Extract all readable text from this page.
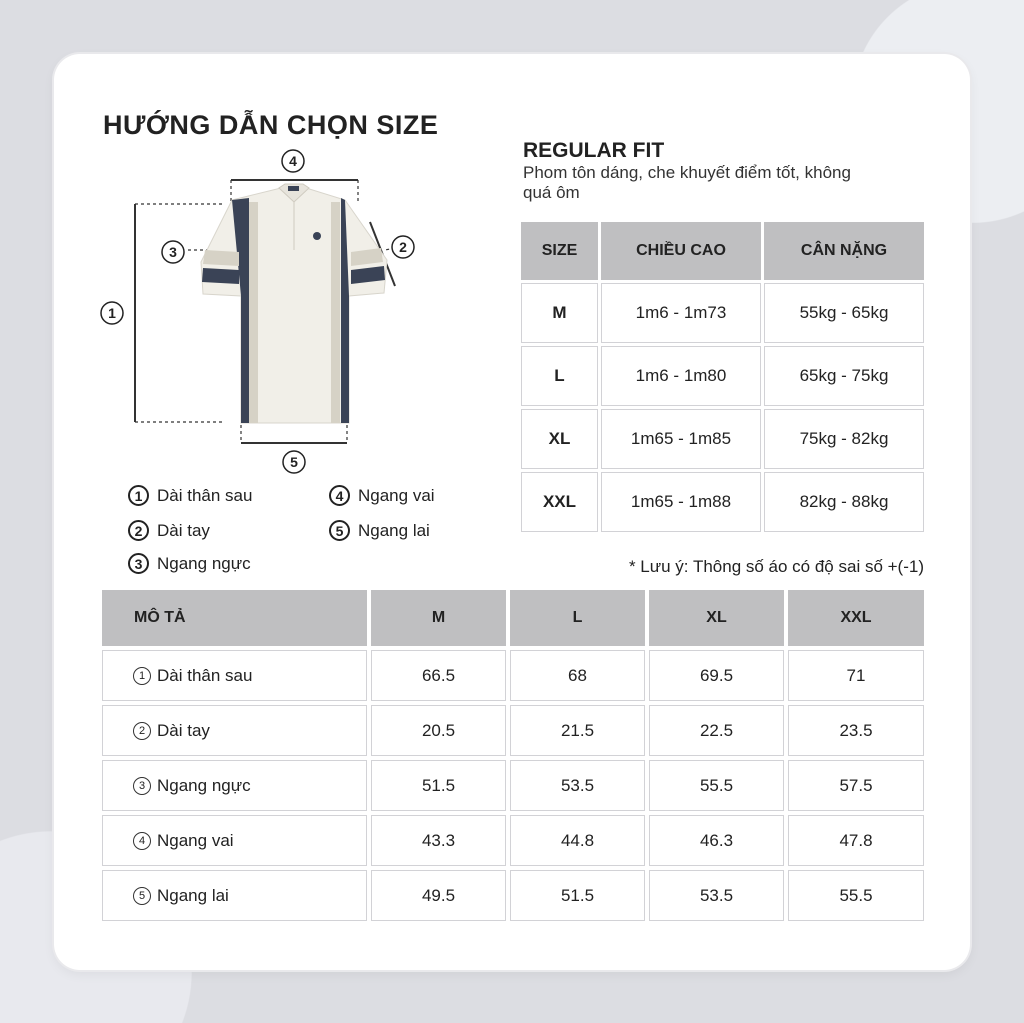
HƯỚNG DẪN CHỌN SIZE
REGULAR FIT
Phom tôn dáng, che khuyết điểm tốt, không quá ôm
4
1
3	2
5
1 Dài thân sau
2 Dài tay
3 Ngang ngực
4 Ngang vai
5 Ngang lai
SIZE	CHIỀU CAO	CÂN NẶNG
M	1m6 - 1m73	55kg - 65kg
L	1m6 - 1m80	65kg - 75kg
XL	1m65 - 1m85	75kg - 82kg
XXL	1m65 - 1m88	82kg - 88kg
* Lưu ý: Thông số áo có độ sai số +(-1)
MÔ TẢ	M	L	XL	XXL
1 Dài thân sau	66.5	68	69.5	71
2 Dài tay	20.5	21.5	22.5	23.5
3 Ngang ngực	51.5	53.5	55.5	57.5
4 Ngang vai	43.3	44.8	46.3	47.8
5 Ngang lai	49.5	51.5	53.5	55.5
